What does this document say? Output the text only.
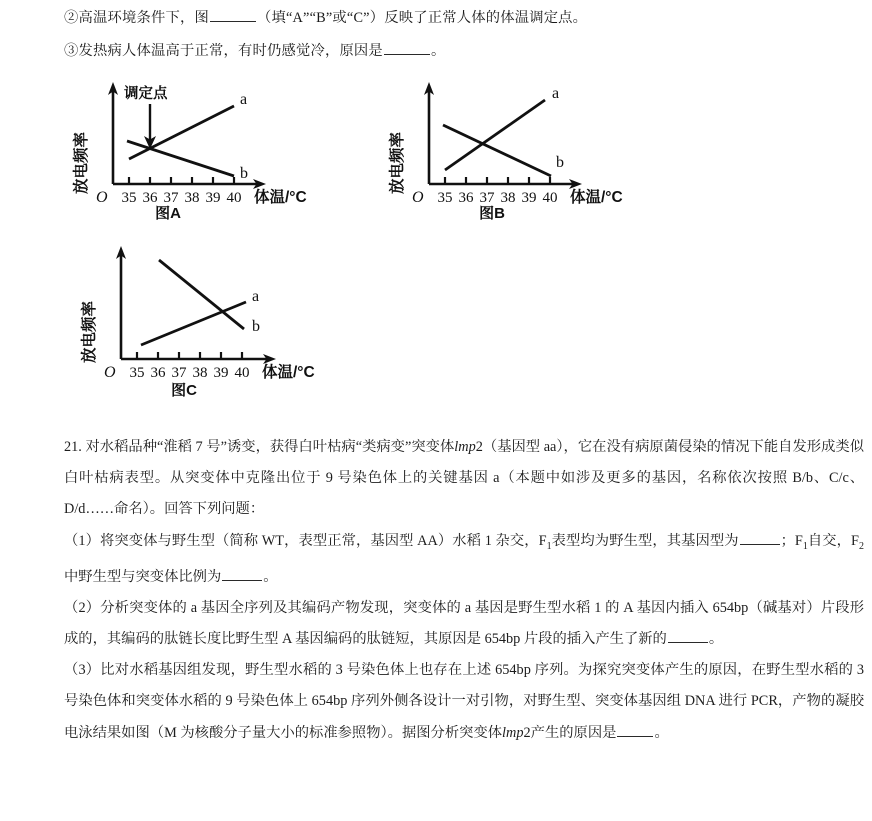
②高温环境条件下，图	（填“A”“B”或“C”）反映了正常人体的体温调定点。
③发热病人体温高于正常，有时仍感觉冷，原因是	。
放电频率
35 36 37 38 39 40
O	体温/°C
a
b
调定点
图A
放电频率
35 36 37 38 39 40
O	体温/°C
a
b
图B
放电频率
35 36 37 38 39 40
O	体温/°C
a
b
图C

21. 对水稻品种“淮稻 7 号”诱变，获得白叶枯病“类病变”突变体lmp2（基因型 aa），它在没有病原菌侵染的情况下能自发形成类似白叶枯病表型。从突变体中克隆出位于 9 号染色体上的关键基因 a（本题中如涉及更多的基因，名称依次按照 B/b、C/c、D/d……命名）。回答下列问题：

（1）将突变体与野生型（简称 WT，表型正常，基因型 AA）水稻 1 杂交，$F_1$表型均为野生型，其基因型为	；$F_1$自交，$F_2$中野生型与突变体比例为	。

（2）分析突变体的 a 基因全序列及其编码产物发现，突变体的 a 基因是野生型水稻 1 的 A 基因内插入 654bp（碱基对）片段形成的，其编码的肽链长度比野生型 A 基因编码的肽链短，其原因是 654bp 片段的插入产生了新的	。

（3）比对水稻基因组发现，野生型水稻的 3 号染色体上也存在上述 654bp 序列。为探究突变体产生的原因，在野生型水稻的 3 号染色体和突变体水稻的 9 号染色体上 654bp 序列外侧各设计一对引物，对野生型、突变体基因组 DNA 进行 PCR，产物的凝胶电泳结果如图（M 为核酸分子量大小的标准参照物）。据图分析突变体lmp2产生的原因是	。
